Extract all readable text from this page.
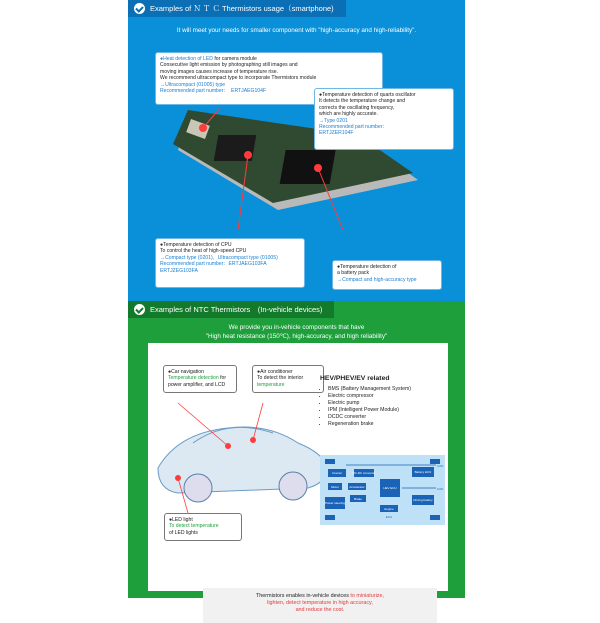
Examples of Ｎ Ｔ Ｃ Thermistors usage（smartphone)
It will meet your needs for smaller component with "high-accuracy and high-reliability".
●Heat detection of LED for camera module
Consecutive light emission by photographing still images and
moving images causes increase of temperature rise.
We recommend ultracompact type to incorporate Thermistors module
→Ultracompact (01005) type
Recommended part number：　ERTJAEG104F
●Temperature detection of quarts oscillator
It detects the temperature change and
corrects the oscillating frequency,
which are highly accurate.
→Type 0201
Recommended part number：
ERTJZER104F
●Temperature detection of CPU
To control the heat of high-speed CPU
→Compact type (0201)，Ultracompact type (01005)
Recommended part number：ERTJAEG103FA
ERTJZEG103FA
●Temperature detection of
a battery pack
→Compact and high-accuracy type
Examples of NTC Thermistors　(In-vehicle devices)
We provide you in-vehicle components that have
"High heat resistance (150℃), high-accuracy, and high reliability"
●Car navigation
Temperature detection for
power amplifier, and LCD
●Air conditioner
To detect the interior
temperature
●LED light
To detect temperature
of LED lights
HEV/PHEV/EV related
• BMS (Battery Management System)
• Electric compressor
• Electric pump
• IPM (Intelligent Power Module)
• DCDC converter
• Regeneration brake
Inverter	DC-DC converter	Battery ECU
Motor	Accelerator	HEV ECU
Brake	Driving battery
Power steering
CAN
CAN
Engine
ECU
Thermistors enables in-vehicle devices to miniaturize,
lighten, detect temperature in high accuracy,
and reduce the cost.
